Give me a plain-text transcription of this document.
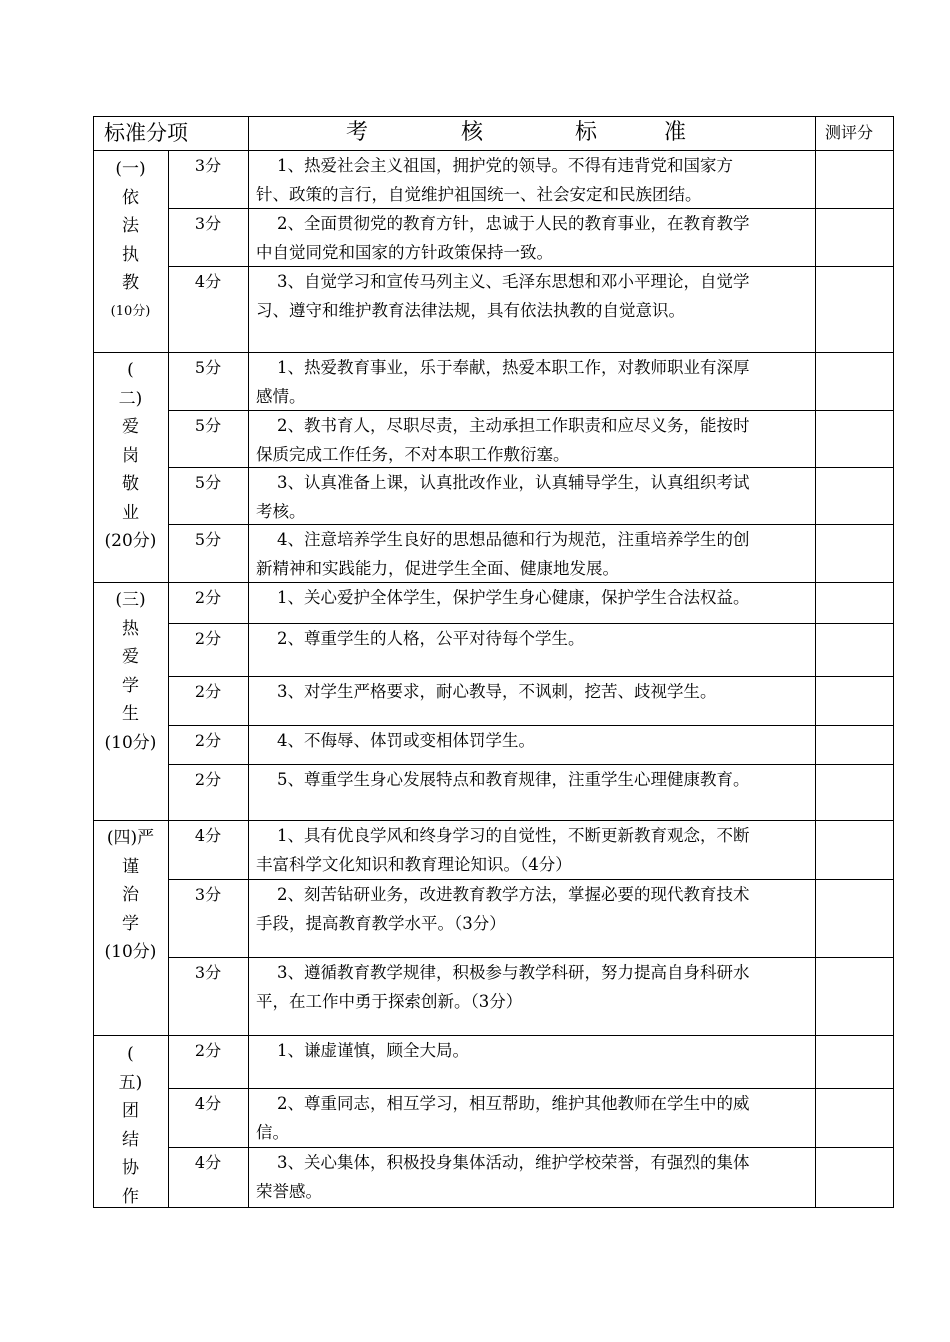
标准分项	考	核	标	准	测评分
(一)
依
法
执
教
(10分)
3分	1、热爱社会主义祖国，拥护党的领导。不得有违背党和国家方
针、政策的言行，自觉维护祖国统一、社会安定和民族团结。
3分	2、全面贯彻党的教育方针，忠诚于人民的教育事业，在教育教学
中自觉同党和国家的方针政策保持一致。
4分	3、自觉学习和宣传马列主义、毛泽东思想和邓小平理论，自觉学
习、遵守和维护教育法律法规，具有依法执教的自觉意识。
(
二)
爱
岗
敬
业
(20分)
5分	1、热爱教育事业，乐于奉献，热爱本职工作，对教师职业有深厚
感情。
5分	2、教书育人，尽职尽责，主动承担工作职责和应尽义务，能按时
保质完成工作任务，不对本职工作敷衍塞。
5分	3、认真准备上课，认真批改作业，认真辅导学生，认真组织考试
考核。
5分	4、注意培养学生良好的思想品德和行为规范，注重培养学生的创
新精神和实践能力，促进学生全面、健康地发展。
(三)
热
爱
学
生
(10分)
2分	1、关心爱护全体学生，保护学生身心健康，保护学生合法权益。
2分	2、尊重学生的人格，公平对待每个学生。
2分	3、对学生严格要求，耐心教导，不讽刺，挖苦、歧视学生。
2分	4、不侮辱、体罚或变相体罚学生。
2分	5、尊重学生身心发展特点和教育规律，注重学生心理健康教育。
(四)严
谨
治
学
(10分)
4分	1、具有优良学风和终身学习的自觉性，不断更新教育观念，不断
丰富科学文化知识和教育理论知识。（4分）
3分	2、刻苦钻研业务，改进教育教学方法，掌握必要的现代教育技术
手段，提高教育教学水平。（3分）
3分	3、遵循教育教学规律，积极参与教学科研，努力提高自身科研水
平，在工作中勇于探索创新。（3分）
(
五)
团
结
协
作
2分	1、谦虚谨慎，顾全大局。
4分	2、尊重同志，相互学习，相互帮助，维护其他教师在学生中的威
信。
4分	3、关心集体，积极投身集体活动，维护学校荣誉，有强烈的集体
荣誉感。
